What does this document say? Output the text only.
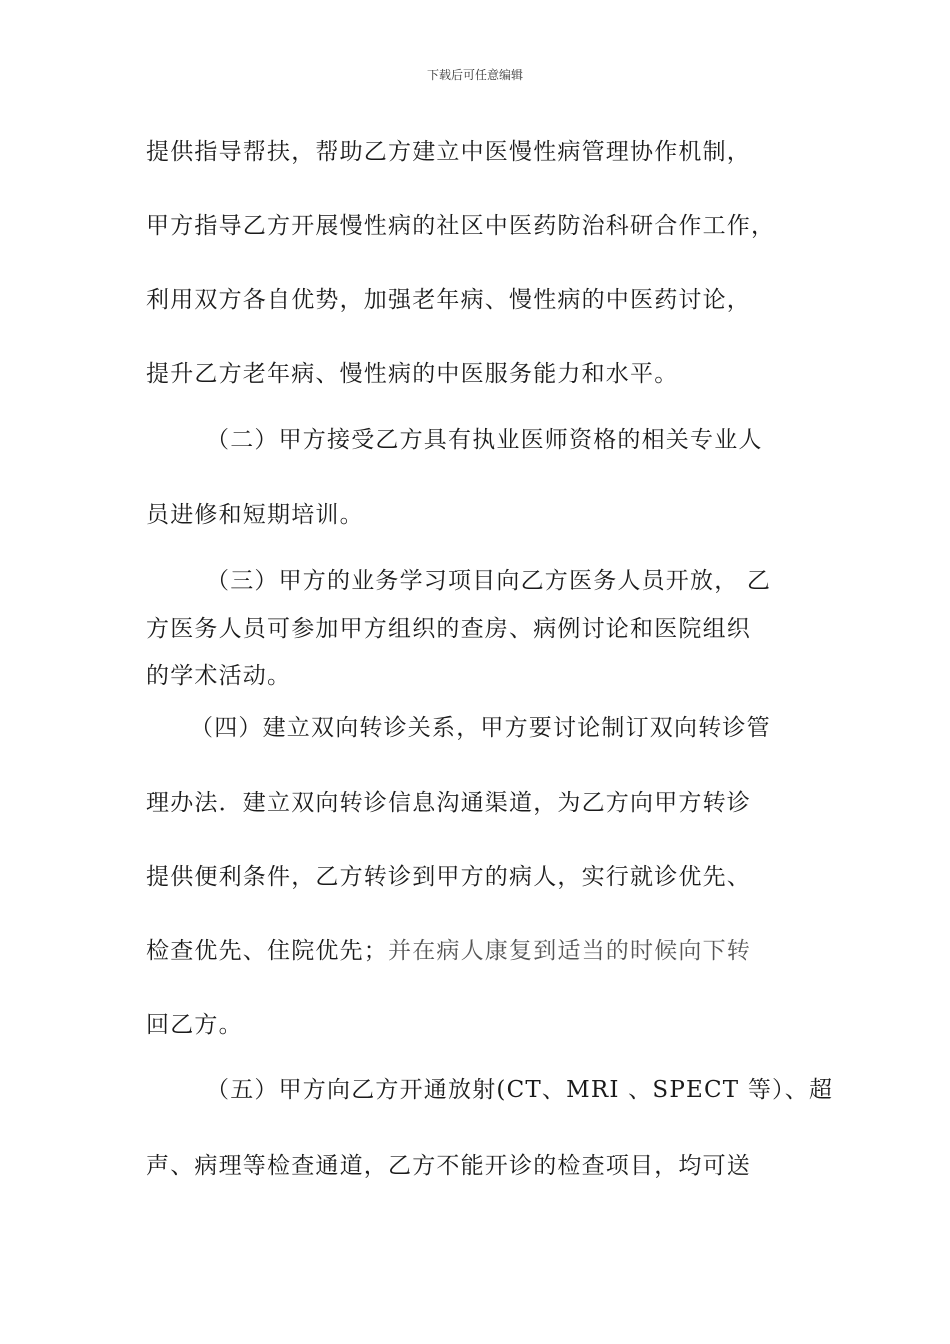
下载后可任意编辑
提供指导帮扶，帮助乙方建立中医慢性病管理协作机制，
甲方指导乙方开展慢性病的社区中医药防治科研合作工作，
利用双方各自优势，加强老年病、慢性病的中医药讨论，
提升乙方老年病、慢性病的中医服务能力和水平。
（二）甲方接受乙方具有执业医师资格的相关专业人
员进修和短期培训。
（三）甲方的业务学习项目向乙方医务人员开放， 乙
方医务人员可参加甲方组织的查房、病例讨论和医院组织
的学术活动。
（四）建立双向转诊关系，甲方要讨论制订双向转诊管
理办法．建立双向转诊信息沟通渠道，为乙方向甲方转诊
提供便利条件，乙方转诊到甲方的病人，实行就诊优先、
检查优先、住院优先；并在病人康复到适当的时候向下转
回乙方。
（五）甲方向乙方开通放射(CT、MRI 、SPECT 等）、超
声、病理等检查通道，乙方不能开诊的检查项目，均可送
